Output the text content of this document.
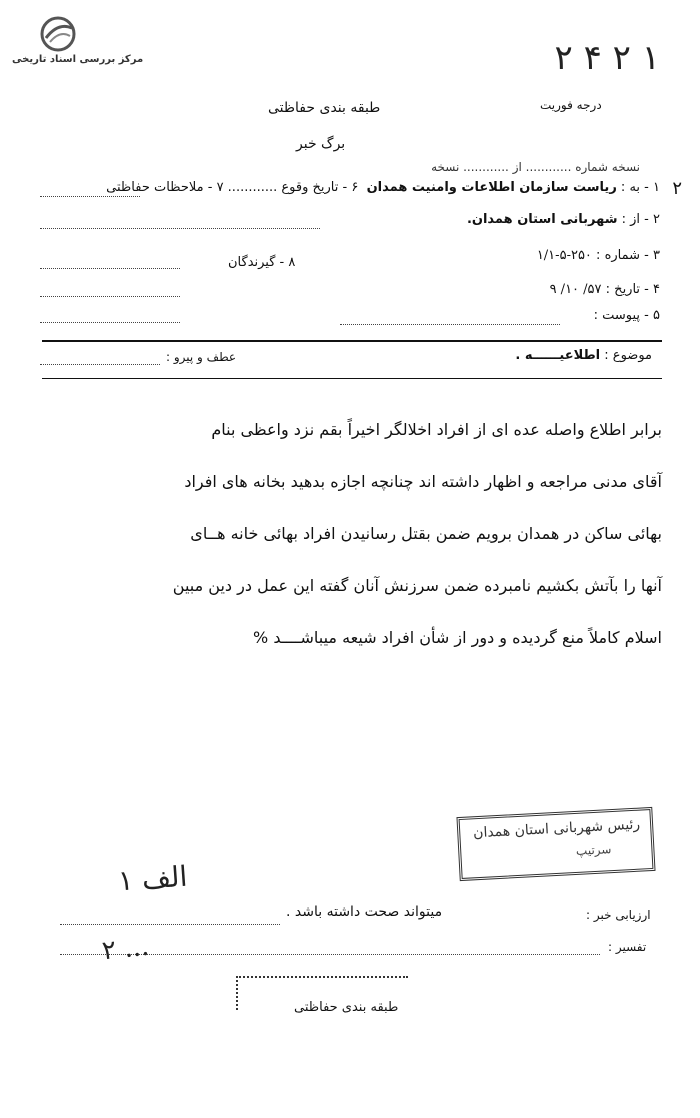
مرکز بررسی اسناد تاریخی	۲ ۴ ۲ ۱
طبقه بندی حفاظتی	درجه فوریت
برگ خبر
نسخه شماره ............ از ............ نسخه
۲
۱ - به : ریاست سازمان اطلاعات وامنیت همدان  ۶ - تاریخ وقوع ............ ۷ - ملاحظات حفاظتی
۲ - از : شهربانی استان همدان.
۳ - شماره : ۲۵۰-۵-۱/۱
۴ - تاریخ : ۵۷/ ۱۰/ ۹
۵ - پیوست :
۸ - گیرندگان
موضوع : اطلاعیــــــه .
عطف و پیرو :

برابر اطلاع واصله عده ای از افراد اخلالگر اخیراً بقم نزد واعظی بنام

آقای مدنی مراجعه و اظهار داشته اند چنانچه اجازه بدهید بخانه های افراد

بهائی ساکن در همدان برویم ضمن بقتل رسانیدن افراد بهائی خانه هــای

آنها را بآتش بکشیم نامبرده ضمن سرزنش آنان گفته این عمل در دین مبین

اسلام کاملاً منع گردیده و دور از شأن افراد شیعه میباشــــد %

رئیس شهربانی استان همدان
سرتیپ
۱ الف
ارزیابی خبر :
میتواند صحت داشته باشد .
تفسیر :
۲ ...
طبقه بندی حفاظتی
